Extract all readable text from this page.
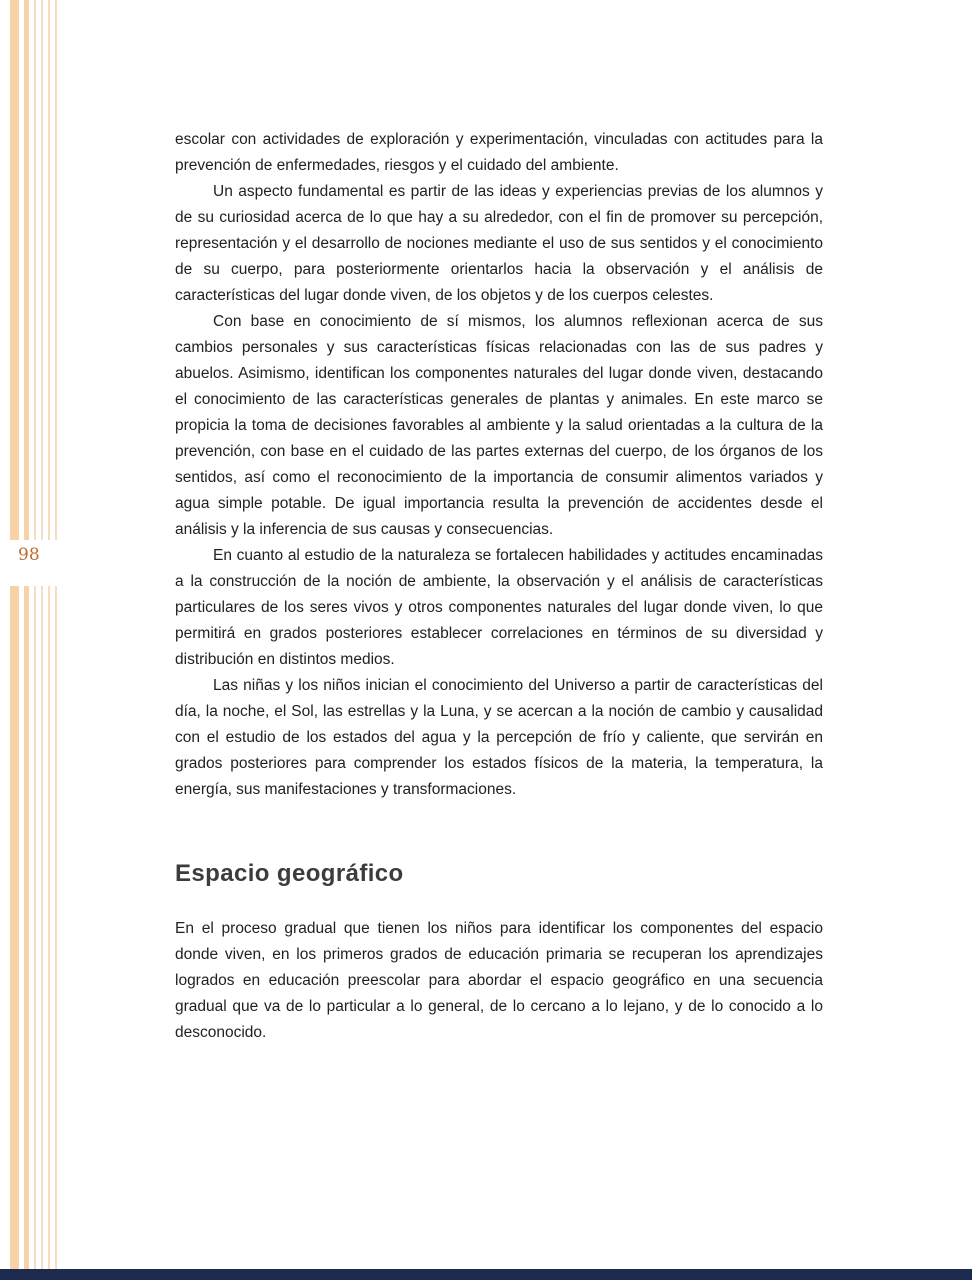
98

escolar con actividades de exploración y experimentación, vinculadas con actitudes para la prevención de enfermedades, riesgos y el cuidado del ambiente.

Un aspecto fundamental es partir de las ideas y experiencias previas de los alumnos y de su curiosidad acerca de lo que hay a su alrededor, con el fin de promover su percepción, representación y el desarrollo de nociones mediante el uso de sus sentidos y el conocimiento de su cuerpo, para posteriormente orientarlos hacia la observación y el análisis de características del lugar donde viven, de los objetos y de los cuerpos celestes.

Con base en conocimiento de sí mismos, los alumnos reflexionan acerca de sus cambios personales y sus características físicas relacionadas con las de sus padres y abuelos. Asimismo, identifican los componentes naturales del lugar donde viven, destacando el conocimiento de las características generales de plantas y animales. En este marco se propicia la toma de decisiones favorables al ambiente y la salud orientadas a la cultura de la prevención, con base en el cuidado de las partes externas del cuerpo, de los órganos de los sentidos, así como el reconocimiento de la importancia de consumir alimentos variados y agua simple potable. De igual importancia resulta la prevención de accidentes desde el análisis y la inferencia de sus causas y consecuencias.

En cuanto al estudio de la naturaleza se fortalecen habilidades y actitudes encaminadas a la construcción de la noción de ambiente, la observación y el análisis de características particulares de los seres vivos y otros componentes naturales del lugar donde viven, lo que permitirá en grados posteriores establecer correlaciones en términos de su diversidad y distribución en distintos medios.

Las niñas y los niños inician el conocimiento del Universo a partir de características del día, la noche, el Sol, las estrellas y la Luna, y se acercan a la noción de cambio y causalidad con el estudio de los estados del agua y la percepción de frío y caliente, que servirán en grados posteriores para comprender los estados físicos de la materia, la temperatura, la energía, sus manifestaciones y transformaciones.

Espacio geográfico

En el proceso gradual que tienen los niños para identificar los componentes del espacio donde viven, en los primeros grados de educación primaria se recuperan los aprendizajes logrados en educación preescolar para abordar el espacio geográfico en una secuencia gradual que va de lo particular a lo general, de lo cercano a lo lejano, y de lo conocido a lo desconocido.
